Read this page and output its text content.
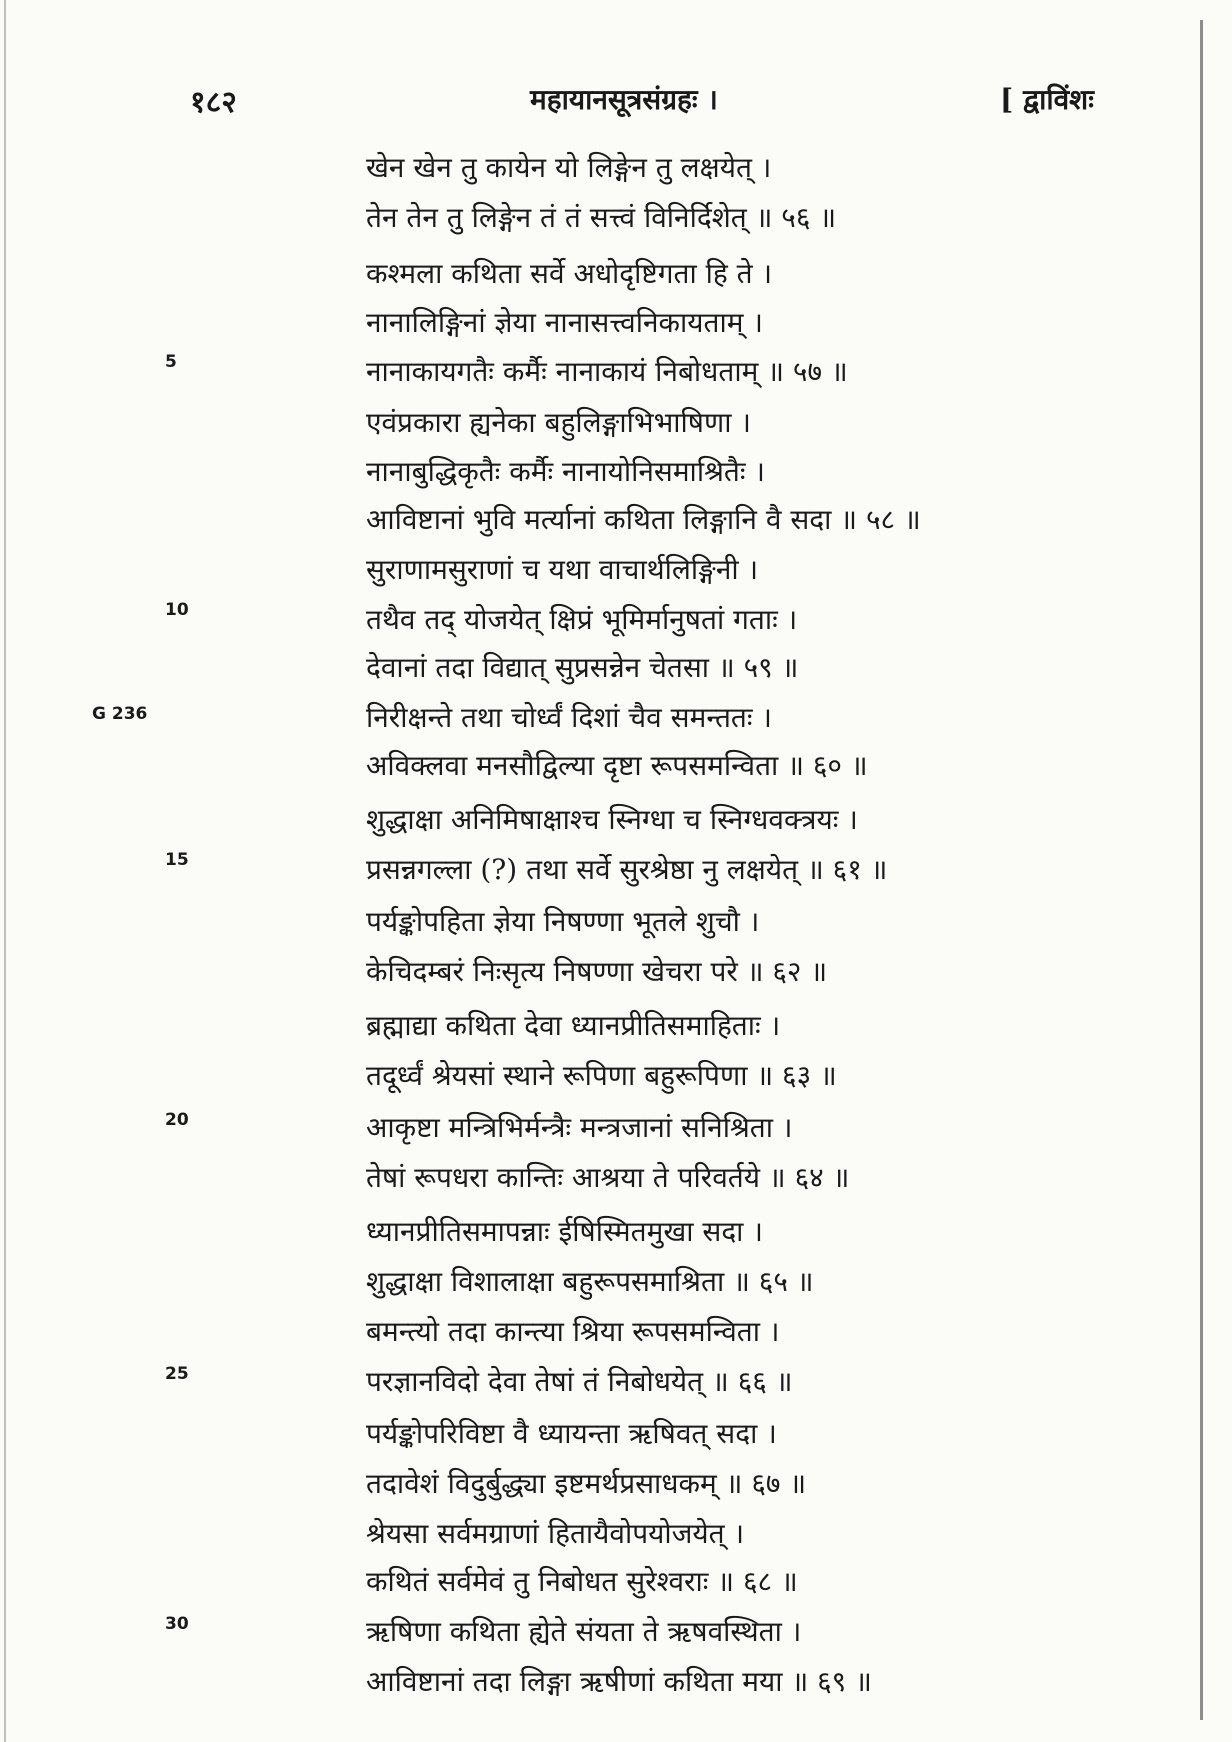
१८२	महायानसूत्रसंग्रहः ।	[ द्वाविंशः
खेन खेन तु कायेन यो लिङ्गेन तु लक्षयेत् ।
तेन तेन तु लिङ्गेन तं तं सत्त्वं विनिर्दिशेत् ॥ ५६ ॥
कश्मला कथिता सर्वे अधोदृष्टिगता हि ते ।
नानालिङ्गिनां ज्ञेया नानासत्त्वनिकायताम् ।
नानाकायगतैः कर्मैः नानाकायं निबोधताम् ॥ ५७ ॥
एवंप्रकारा ह्यनेका बहुलिङ्गाभिभाषिणा ।
नानाबुद्धिकृतैः कर्मैः नानायोनिसमाश्रितैः ।
आविष्टानां भुवि मर्त्यानां कथिता लिङ्गानि वै सदा ॥ ५८ ॥
सुराणामसुराणां च यथा वाचार्थलिङ्गिनी ।
तथैव तद् योजयेत् क्षिप्रं भूमिर्मानुषतां गताः ।
देवानां तदा विद्यात् सुप्रसन्नेन चेतसा ॥ ५९ ॥
निरीक्षन्ते तथा चोर्ध्वं दिशां चैव समन्ततः ।
अविक्लवा मनसौद्विल्या दृष्टा रूपसमन्विता ॥ ६० ॥
शुद्धाक्षा अनिमिषाक्षाश्च स्निग्धा च स्निग्धवक्त्रयः ।
प्रसन्नगल्ला (?) तथा सर्वे सुरश्रेष्ठा नु लक्षयेत् ॥ ६१ ॥
पर्यङ्कोपहिता ज्ञेया निषण्णा भूतले शुचौ ।
केचिदम्बरं निःसृत्य निषण्णा खेचरा परे ॥ ६२ ॥
ब्रह्माद्या कथिता देवा ध्यानप्रीतिसमाहिताः ।
तदूर्ध्वं श्रेयसां स्थाने रूपिणा बहुरूपिणा ॥ ६३ ॥
आकृष्टा मन्त्रिभिर्मन्त्रैः मन्त्रजानां सनिश्रिता ।
तेषां रूपधरा कान्तिः आश्रया ते परिवर्तये ॥ ६४ ॥
ध्यानप्रीतिसमापन्नाः ईषिस्मितमुखा सदा ।
शुद्धाक्षा विशालाक्षा बहुरूपसमाश्रिता ॥ ६५ ॥
बमन्त्यो तदा कान्त्या श्रिया रूपसमन्विता ।
परज्ञानविदो देवा तेषां तं निबोधयेत् ॥ ६६ ॥
पर्यङ्कोपरिविष्टा वै ध्यायन्ता ऋषिवत् सदा ।
तदावेशं विदुर्बुद्ध्या इष्टमर्थप्रसाधकम् ॥ ६७ ॥
श्रेयसा सर्वमग्राणां हितायैवोपयोजयेत् ।
कथितं सर्वमेवं तु निबोधत सुरेश्वराः ॥ ६८ ॥
ऋषिणा कथिता ह्येते संयता ते ऋषवस्थिता ।
आविष्टानां तदा लिङ्गा ऋषीणां कथिता मया ॥ ६९ ॥
5
10
15
20
25
30
G 236
